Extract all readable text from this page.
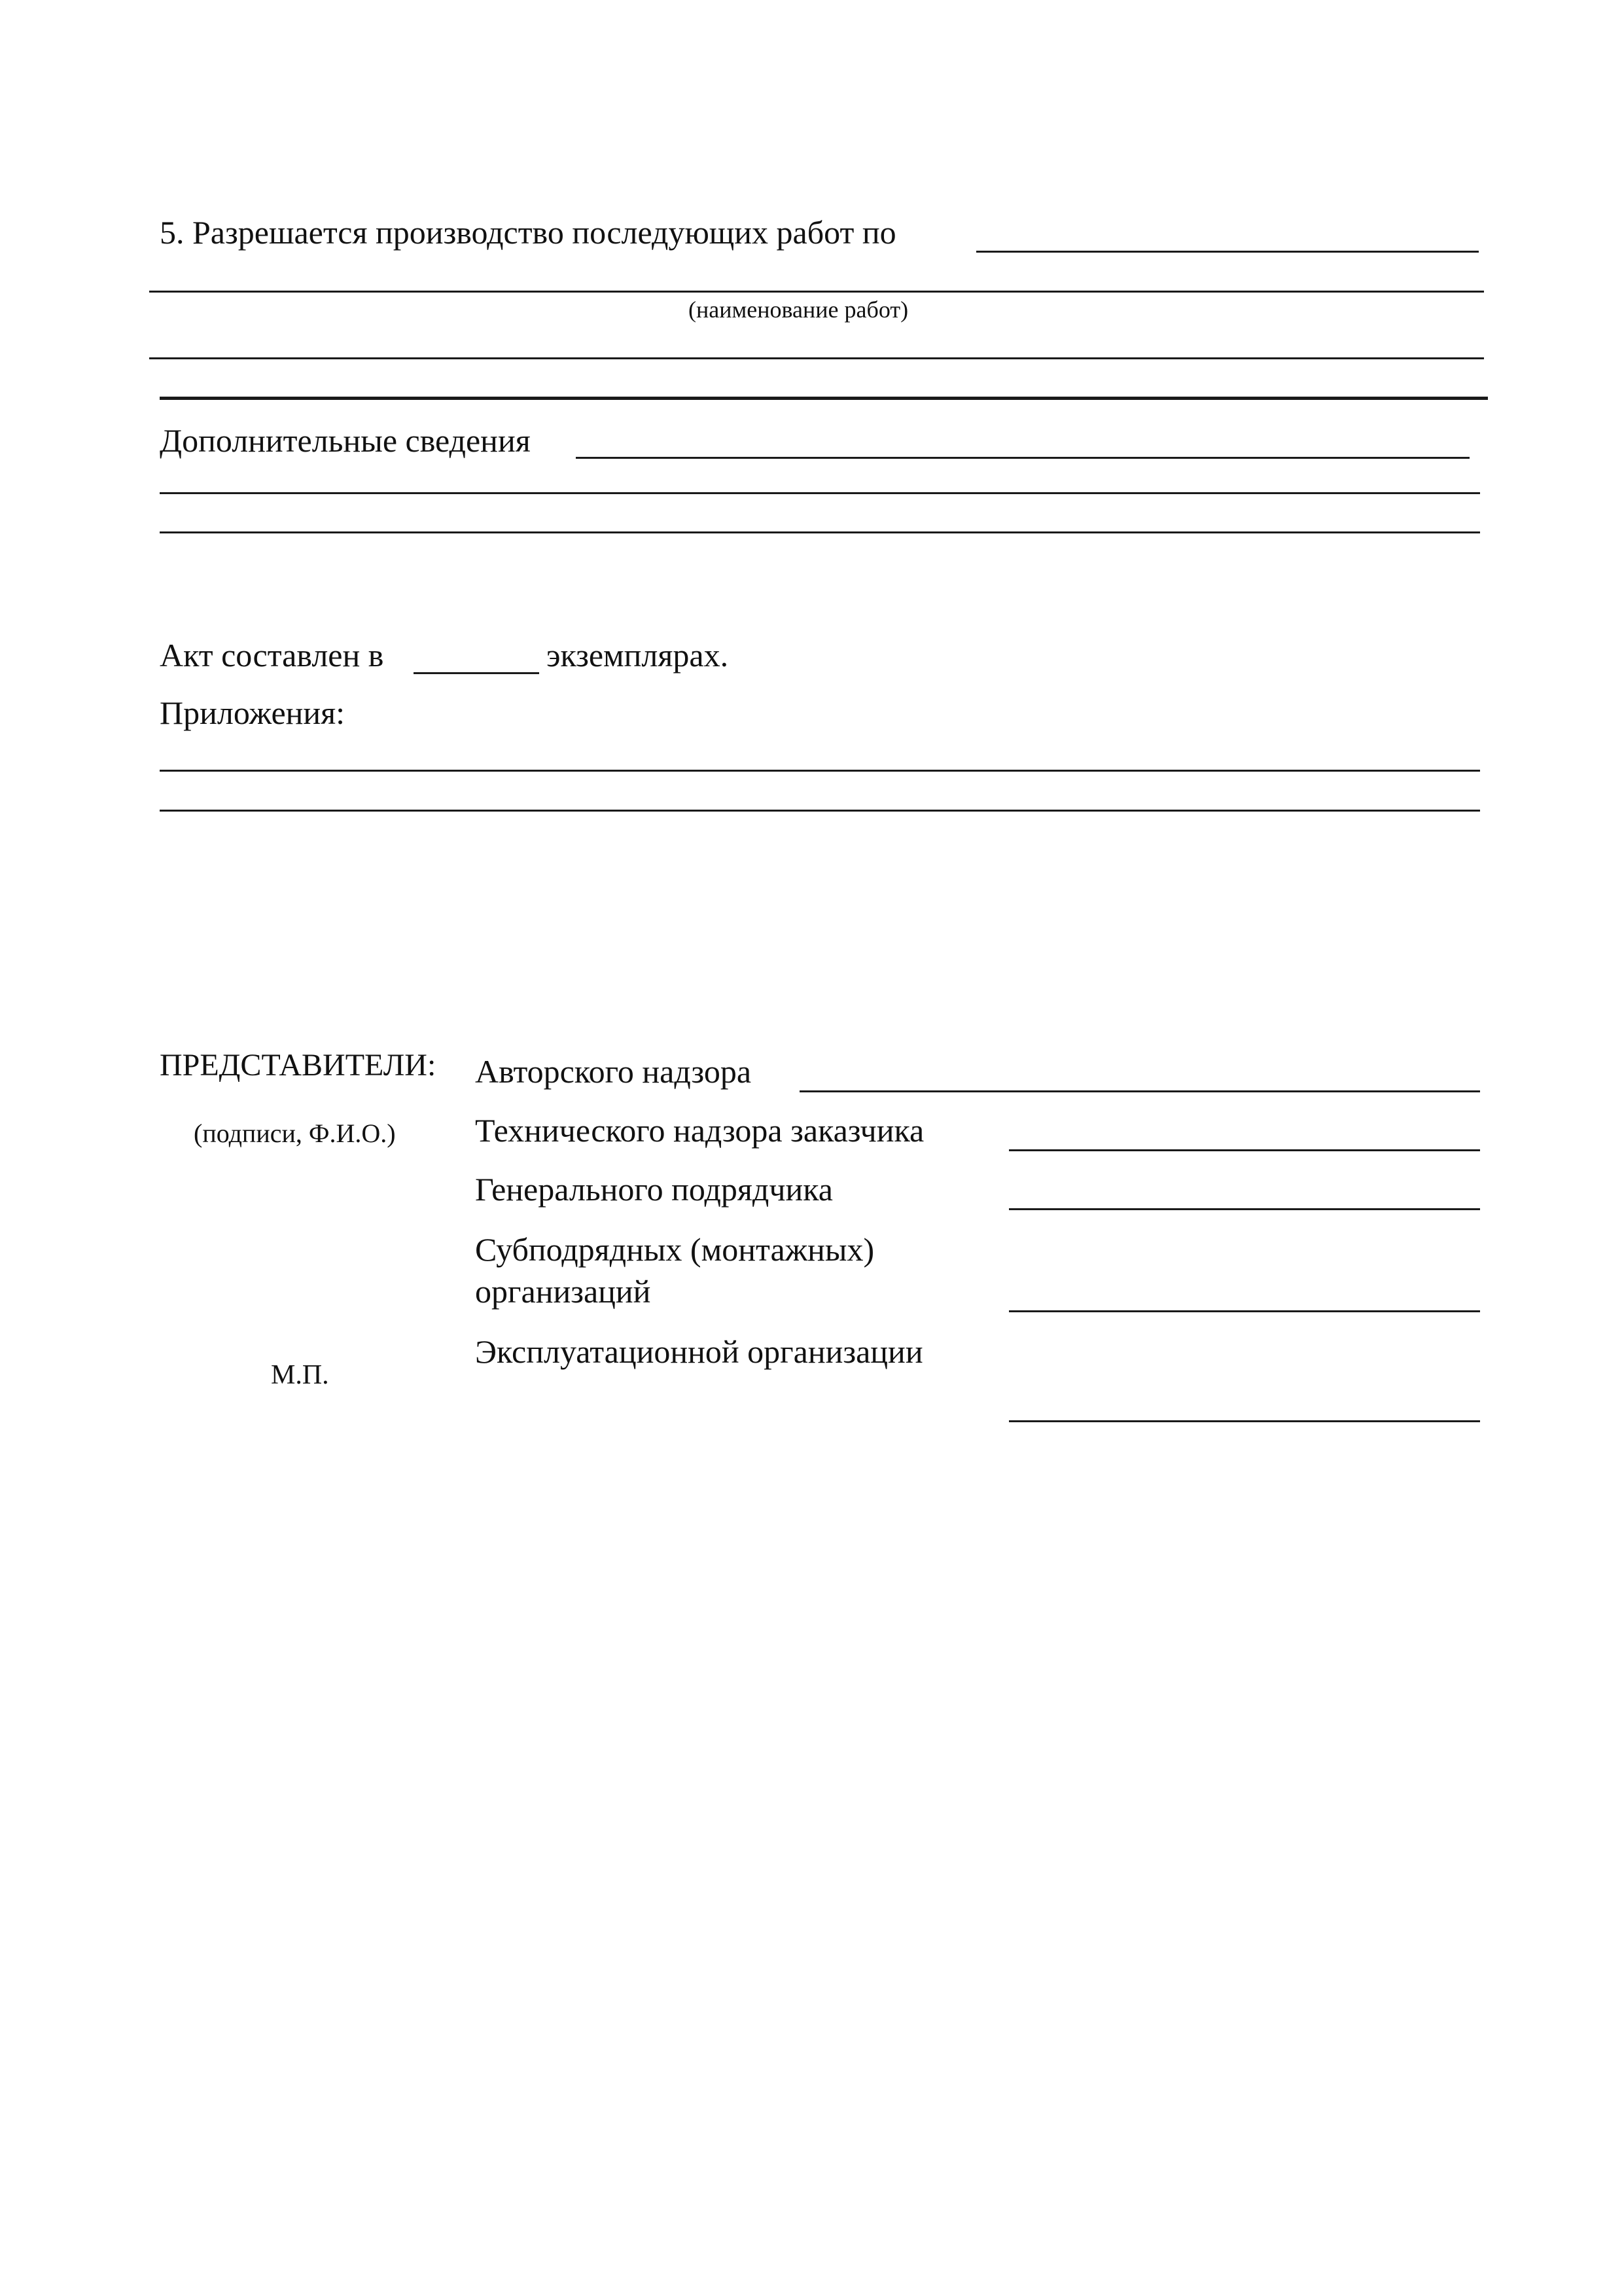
5. Разрешается производство последующих работ по
(наименование работ)
Дополнительные сведения
Акт составлен в	экземплярах.
Приложения:
ПРЕДСТАВИТЕЛИ:
(подписи, Ф.И.О.)
М.П.
Авторского надзора
Технического надзора заказчика
Генерального подрядчика
Субподрядных (монтажных)
организаций
Эксплуатационной организации
